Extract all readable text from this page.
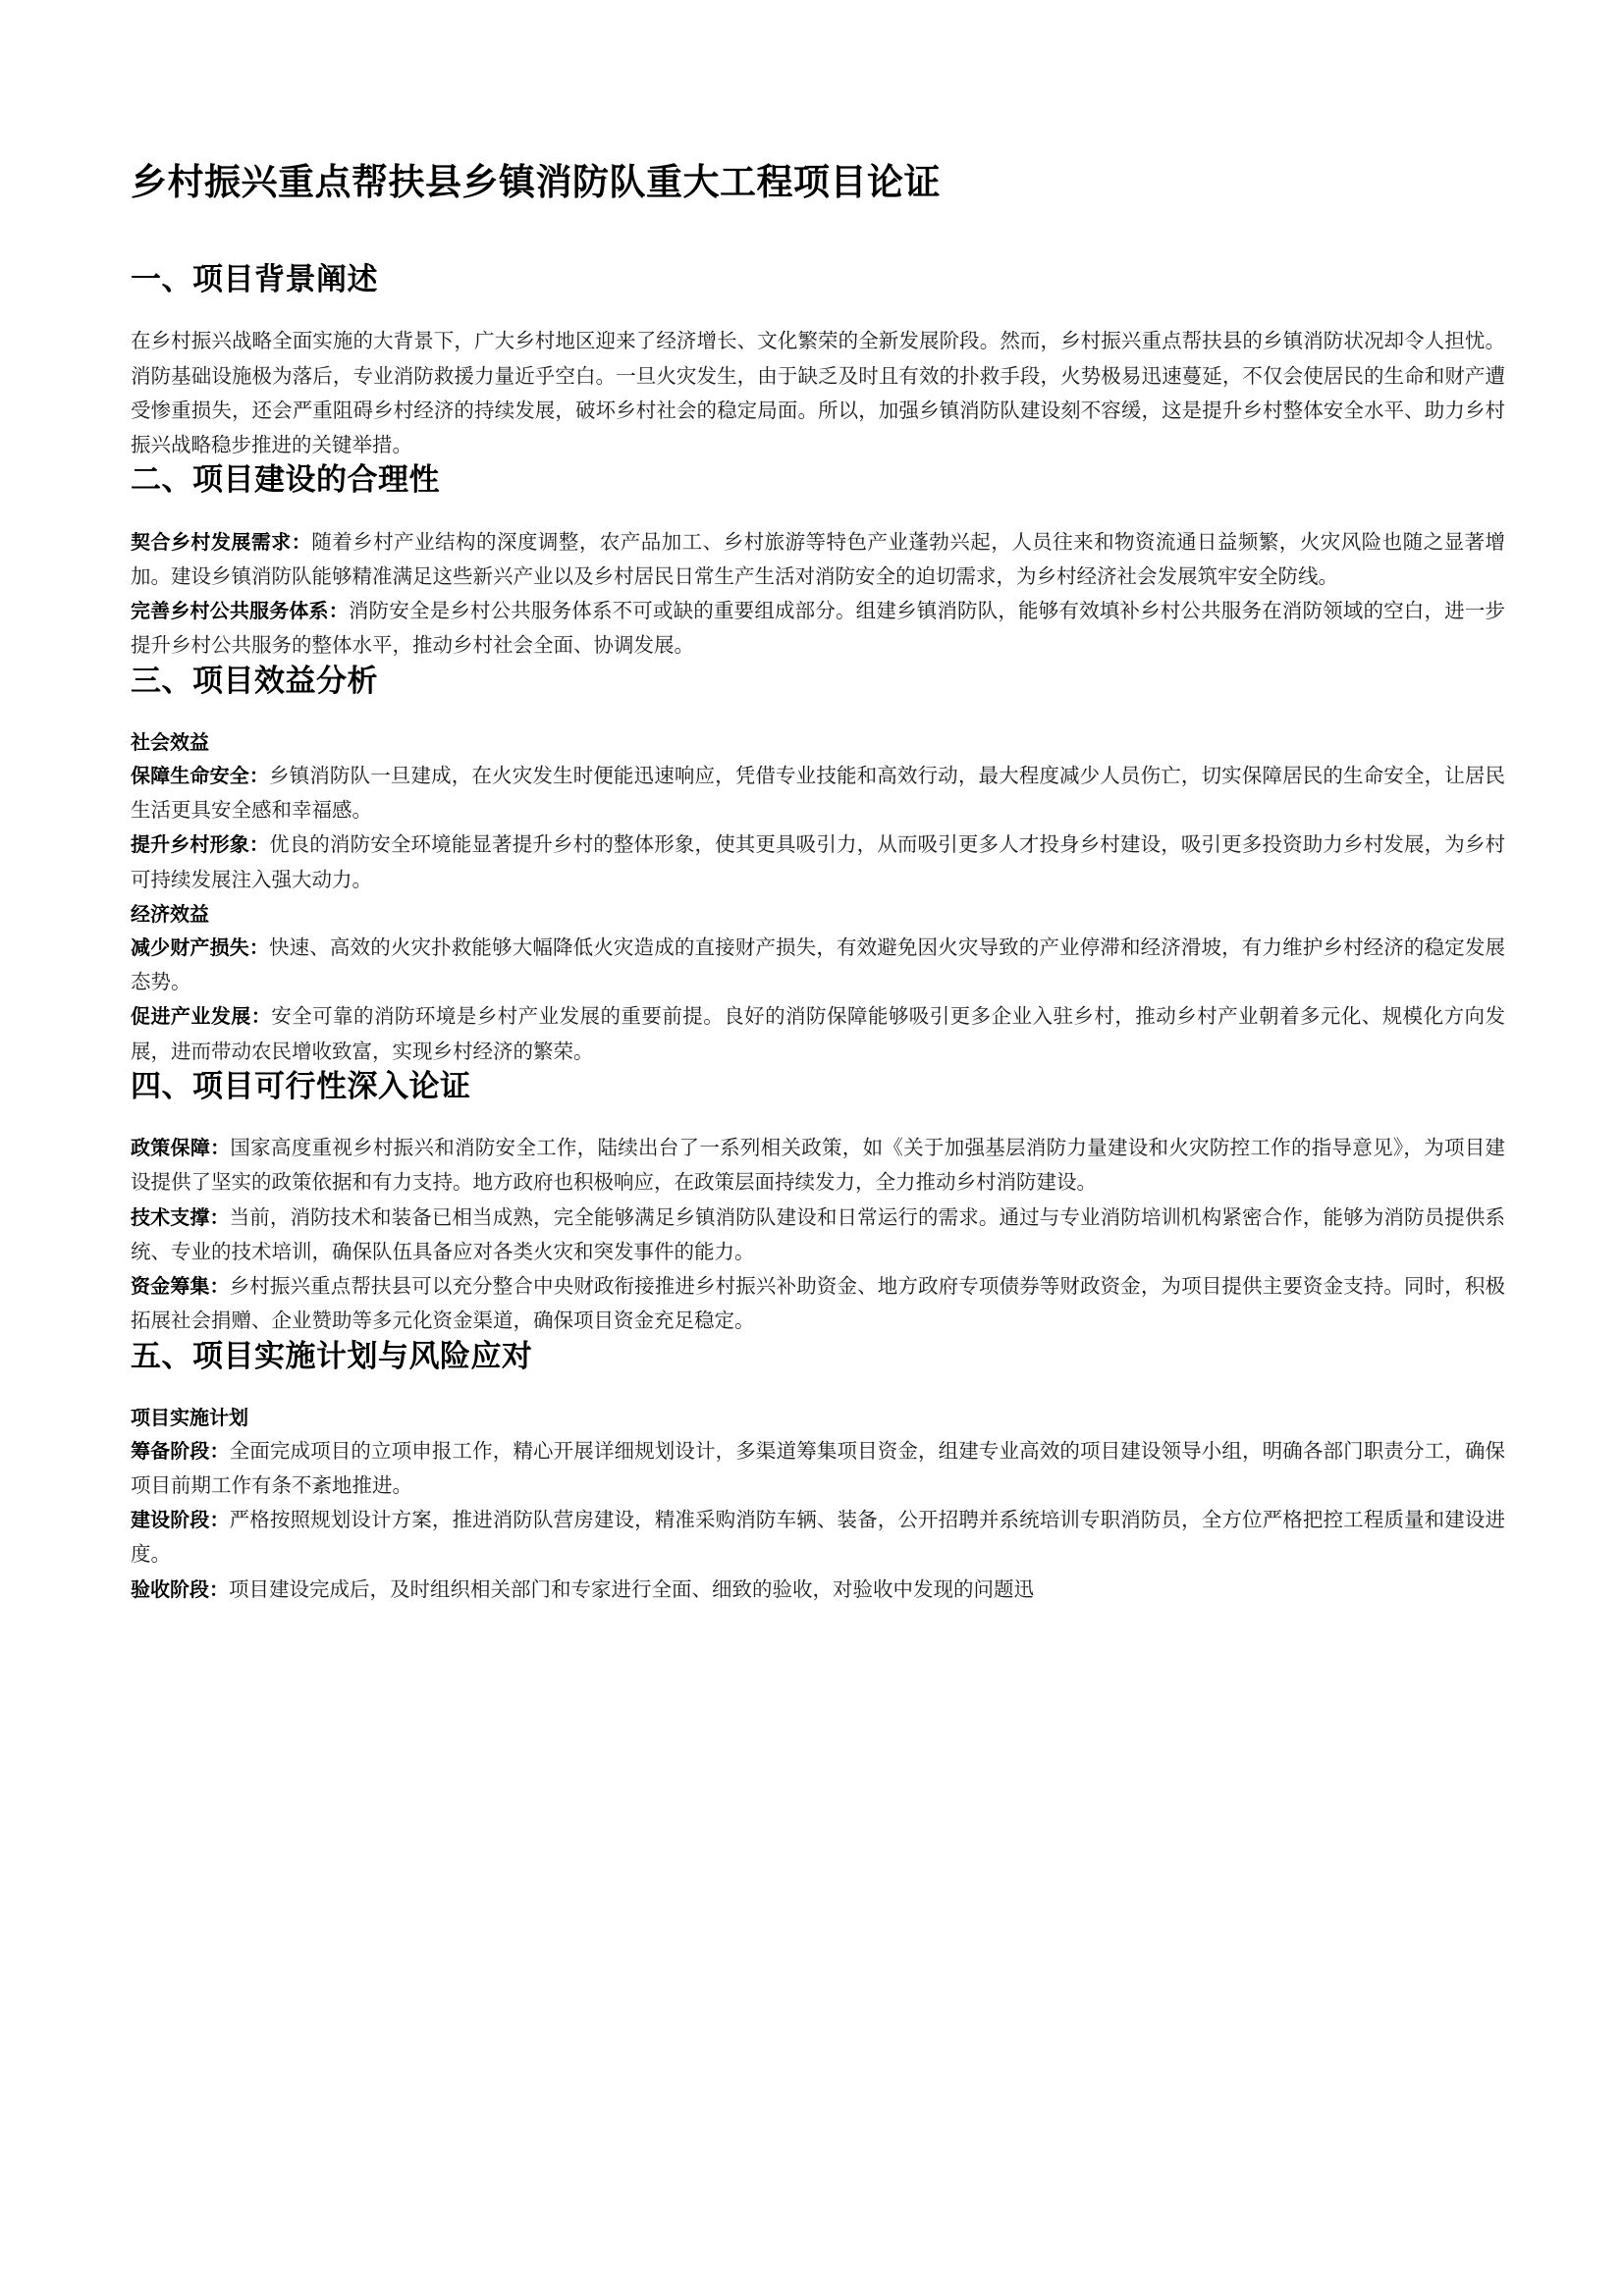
乡村振兴重点帮扶县乡镇消防队重大工程项目论证
一、项目背景阐述

在乡村振兴战略全面实施的大背景下，广大乡村地区迎来了经济增长、文化繁荣的全新发展阶段。然而，乡村振兴重点帮扶县的乡镇消防状况却令人担忧。消防基础设施极为落后，专业消防救援力量近乎空白。一旦火灾发生，由于缺乏及时且有效的扑救手段，火势极易迅速蔓延，不仅会使居民的生命和财产遭受惨重损失，还会严重阻碍乡村经济的持续发展，破坏乡村社会的稳定局面。所以，加强乡镇消防队建设刻不容缓，这是提升乡村整体安全水平、助力乡村振兴战略稳步推进的关键举措。

二、项目建设的合理性

契合乡村发展需求：随着乡村产业结构的深度调整，农产品加工、乡村旅游等特色产业蓬勃兴起，人员往来和物资流通日益频繁，火灾风险也随之显著增加。建设乡镇消防队能够精准满足这些新兴产业以及乡村居民日常生产生活对消防安全的迫切需求，为乡村经济社会发展筑牢安全防线。

完善乡村公共服务体系：消防安全是乡村公共服务体系不可或缺的重要组成部分。组建乡镇消防队，能够有效填补乡村公共服务在消防领域的空白，进一步提升乡村公共服务的整体水平，推动乡村社会全面、协调发展。

三、项目效益分析
社会效益

保障生命安全：乡镇消防队一旦建成，在火灾发生时便能迅速响应，凭借专业技能和高效行动，最大程度减少人员伤亡，切实保障居民的生命安全，让居民生活更具安全感和幸福感。

提升乡村形象：优良的消防安全环境能显著提升乡村的整体形象，使其更具吸引力，从而吸引更多人才投身乡村建设，吸引更多投资助力乡村发展，为乡村可持续发展注入强大动力。

经济效益

减少财产损失：快速、高效的火灾扑救能够大幅降低火灾造成的直接财产损失，有效避免因火灾导致的产业停滞和经济滑坡，有力维护乡村经济的稳定发展态势。

促进产业发展：安全可靠的消防环境是乡村产业发展的重要前提。良好的消防保障能够吸引更多企业入驻乡村，推动乡村产业朝着多元化、规模化方向发展，进而带动农民增收致富，实现乡村经济的繁荣。

四、项目可行性深入论证

政策保障：国家高度重视乡村振兴和消防安全工作，陆续出台了一系列相关政策，如《关于加强基层消防力量建设和火灾防控工作的指导意见》，为项目建设提供了坚实的政策依据和有力支持。地方政府也积极响应，在政策层面持续发力，全力推动乡村消防建设。

技术支撑：当前，消防技术和装备已相当成熟，完全能够满足乡镇消防队建设和日常运行的需求。通过与专业消防培训机构紧密合作，能够为消防员提供系统、专业的技术培训，确保队伍具备应对各类火灾和突发事件的能力。

资金筹集：乡村振兴重点帮扶县可以充分整合中央财政衔接推进乡村振兴补助资金、地方政府专项债券等财政资金，为项目提供主要资金支持。同时，积极拓展社会捐赠、企业赞助等多元化资金渠道，确保项目资金充足稳定。

五、项目实施计划与风险应对
项目实施计划

筹备阶段：全面完成项目的立项申报工作，精心开展详细规划设计，多渠道筹集项目资金，组建专业高效的项目建设领导小组，明确各部门职责分工，确保项目前期工作有条不紊地推进。

建设阶段：严格按照规划设计方案，推进消防队营房建设，精准采购消防车辆、装备，公开招聘并系统培训专职消防员，全方位严格把控工程质量和建设进度。

验收阶段：项目建设完成后，及时组织相关部门和专家进行全面、细致的验收，对验收中发现的问题迅
